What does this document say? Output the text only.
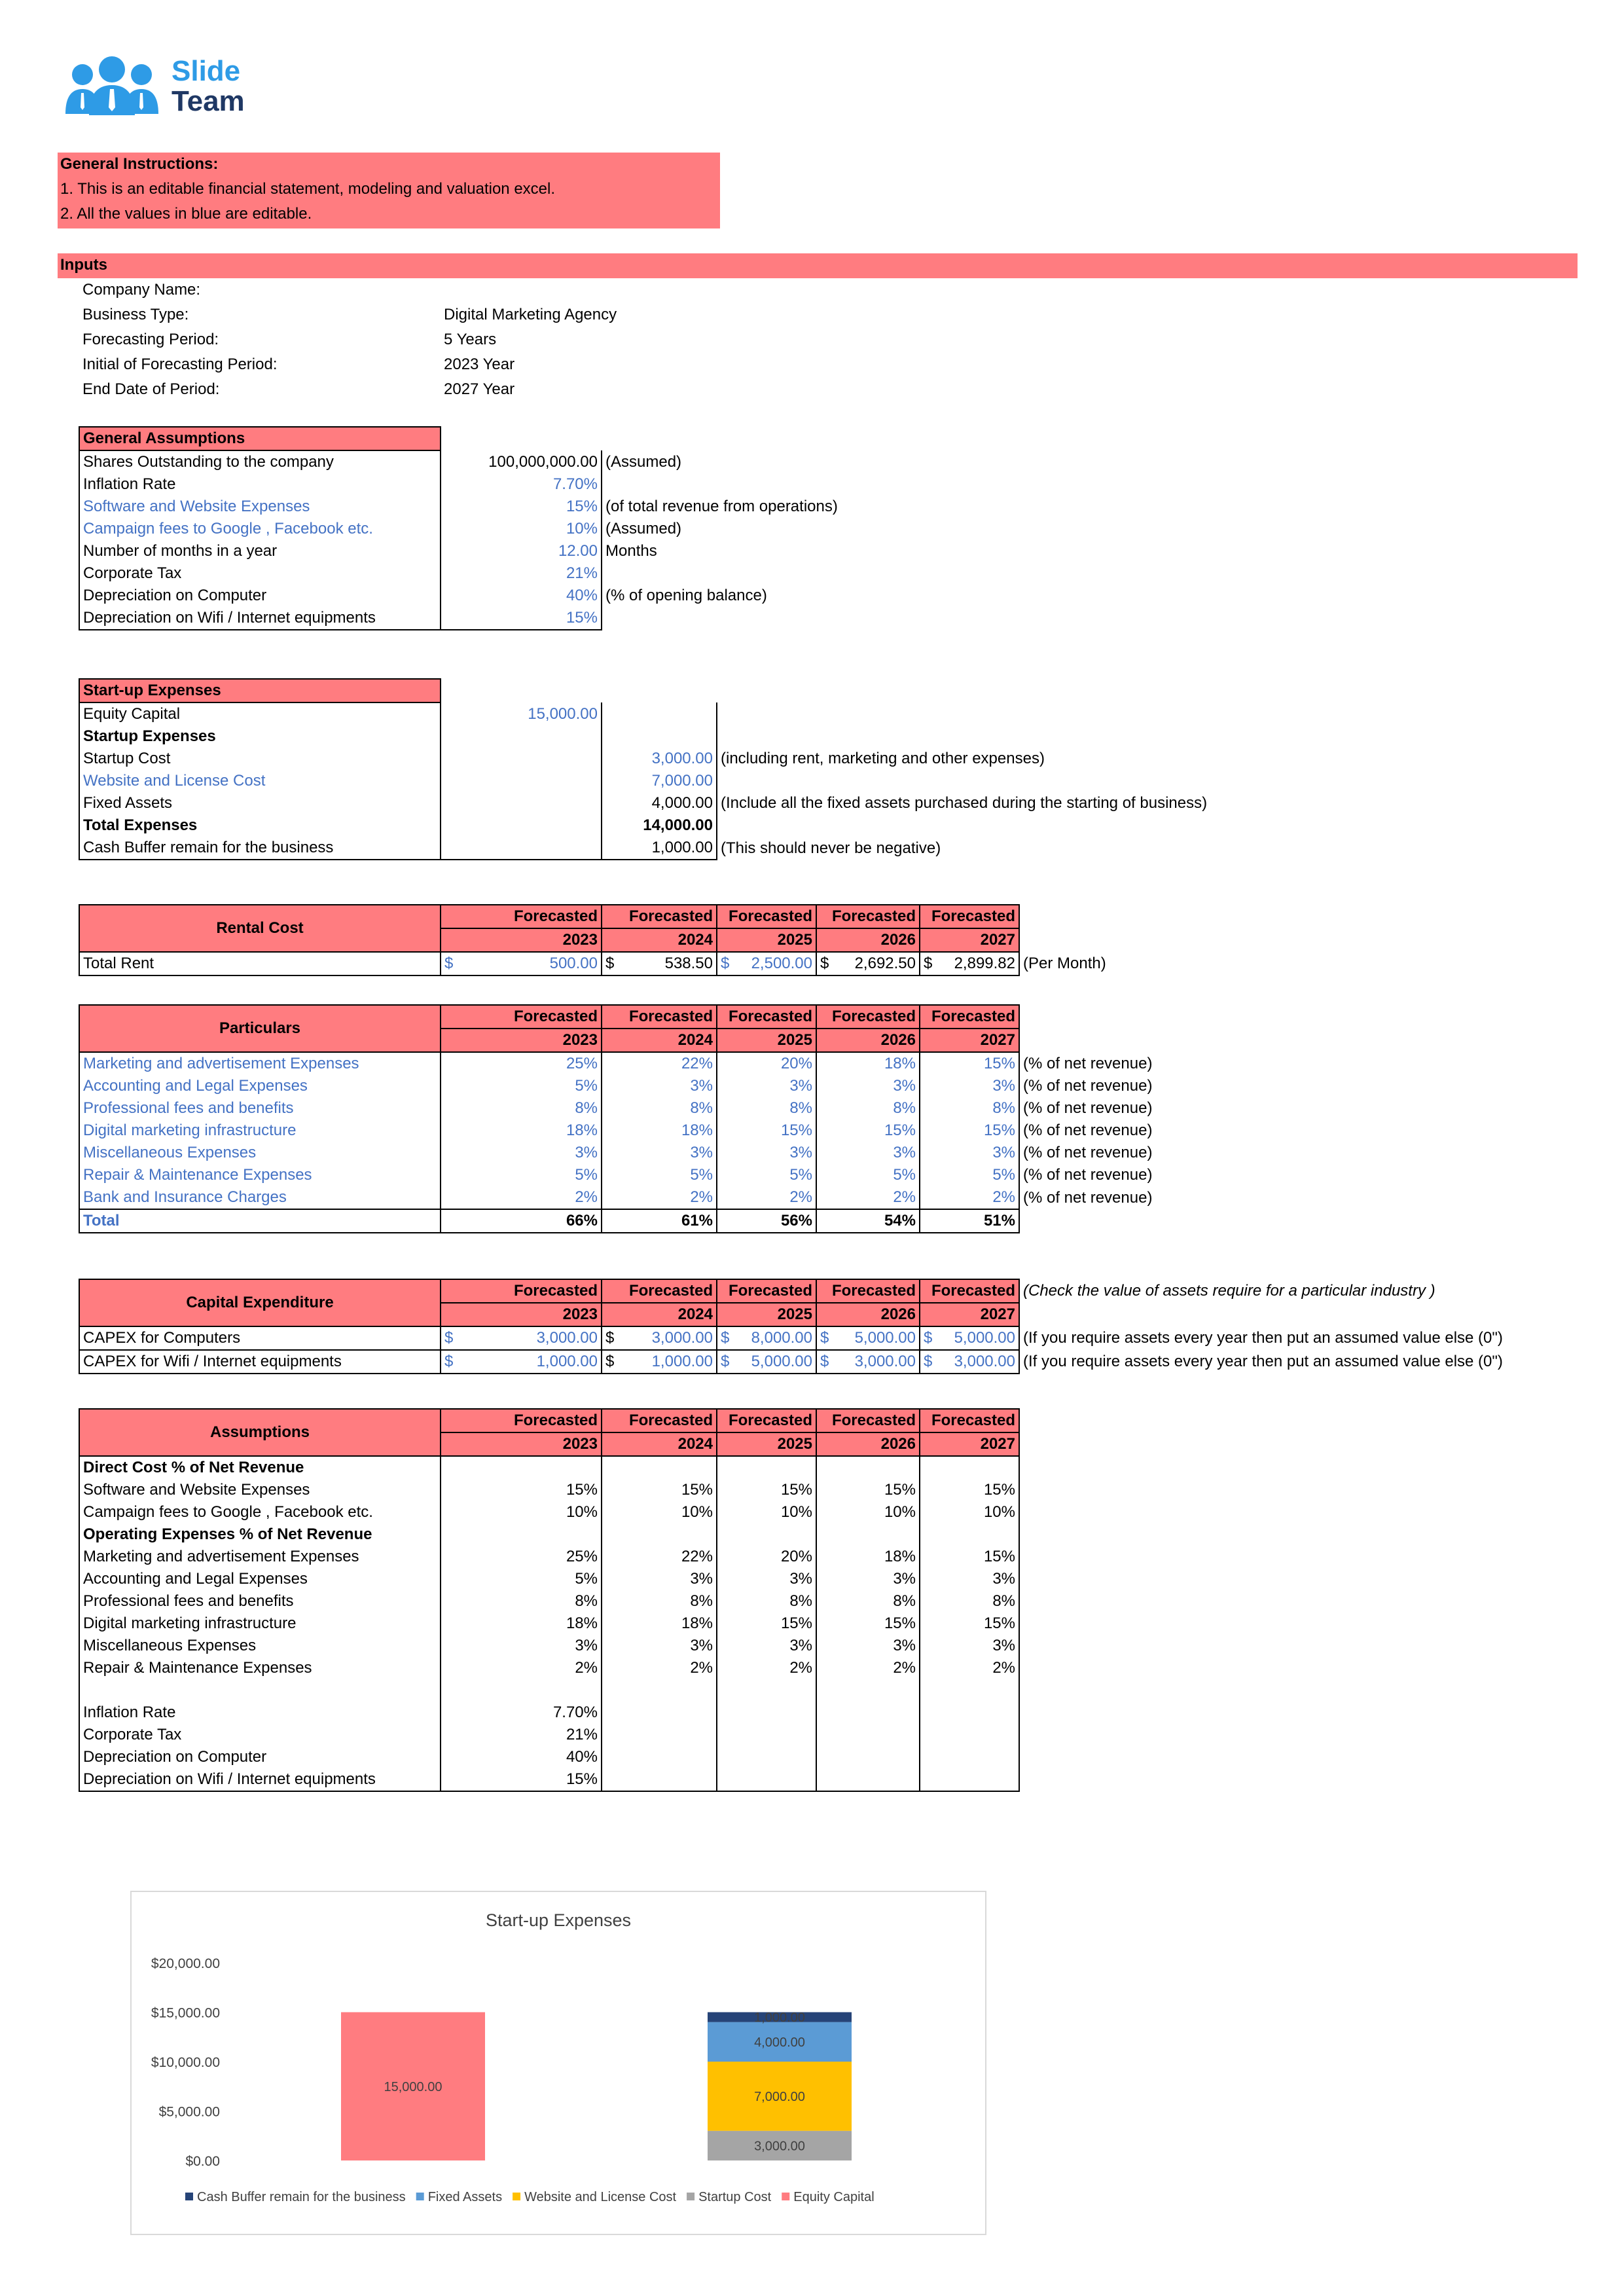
Slide
Team
General Instructions:
1. This is an editable financial statement, modeling and valuation excel.
2. All the values in blue are editable.
Inputs
Company Name:
Business Type:	Digital Marketing Agency
Forecasting Period:	5 Years
Initial of Forecasting Period:	2023 Year
End Date of Period:	2027 Year
General Assumptions		
Shares Outstanding to the company	100,000,000.00	(Assumed)
Inflation Rate	7.70%	
Software and Website Expenses	15%	(of total revenue from operations)
Campaign fees to Google , Facebook etc.	10%	(Assumed)
Number of months in a year	12.00	Months
Corporate Tax	21%	
Depreciation on Computer	40%	(% of opening balance)
Depreciation on Wifi / Internet equipments	15%	
Start-up Expenses			
Equity Capital	15,000.00		
Startup Expenses			
Startup Cost		3,000.00	(including rent, marketing and other expenses)
Website and License Cost		7,000.00	
Fixed Assets		4,000.00	(Include all the fixed assets purchased during the starting of business)
Total Expenses		14,000.00	
Cash Buffer remain for the business		1,000.00	(This should never be negative)
Rental Cost	Forecasted	Forecasted	Forecasted	Forecasted	Forecasted	
	2023	2024	2025	2026	2027	
Total Rent	$ 500.00	$ 538.50	$ 2,500.00	$ 2,692.50	$ 2,899.82	(Per Month)
Particulars	Forecasted	Forecasted	Forecasted	Forecasted	Forecasted	
	2023	2024	2025	2026	2027	
Marketing and advertisement Expenses	25%	22%	20%	18%	15%	(% of net revenue)
Accounting and Legal Expenses	5%	3%	3%	3%	3%	(% of net revenue)
Professional fees and benefits	8%	8%	8%	8%	8%	(% of net revenue)
Digital marketing infrastructure	18%	18%	15%	15%	15%	(% of net revenue)
Miscellaneous Expenses	3%	3%	3%	3%	3%	(% of net revenue)
Repair & Maintenance Expenses	5%	5%	5%	5%	5%	(% of net revenue)
Bank and Insurance Charges	2%	2%	2%	2%	2%	(% of net revenue)
Total	66%	61%	56%	54%	51%	
Capital Expenditure	Forecasted	Forecasted	Forecasted	Forecasted	Forecasted	(Check the value of assets require for a particular industry )
	2023	2024	2025	2026	2027	
CAPEX for Computers	$ 3,000.00	$ 3,000.00	$ 8,000.00	$ 5,000.00	$ 5,000.00	(If you require assets every year then put an assumed value else (0")
CAPEX for Wifi / Internet equipments	$ 1,000.00	$ 1,000.00	$ 5,000.00	$ 3,000.00	$ 3,000.00	(If you require assets every year then put an assumed value else (0")
Assumptions	Forecasted	Forecasted	Forecasted	Forecasted	Forecasted
	2023	2024	2025	2026	2027
Direct Cost % of Net Revenue					
Software and Website Expenses	15%	15%	15%	15%	15%
Campaign fees to Google , Facebook etc.	10%	10%	10%	10%	10%
Operating Expenses % of Net Revenue					
Marketing and advertisement Expenses	25%	22%	20%	18%	15%
Accounting and Legal Expenses	5%	3%	3%	3%	3%
Professional fees and benefits	8%	8%	8%	8%	8%
Digital marketing infrastructure	18%	18%	15%	15%	15%
Miscellaneous Expenses	3%	3%	3%	3%	3%
Repair & Maintenance Expenses	2%	2%	2%	2%	2%

Inflation Rate	7.70%				
Corporate Tax	21%				
Depreciation on Computer	40%				
Depreciation on Wifi / Internet equipments	15%				
Start-up Expenses
$0.00
$5,000.00
$10,000.00
$15,000.00
$20,000.00
15,000.00
3,000.00
7,000.00
4,000.00
1,000.00
Cash Buffer remain for the business Fixed Assets Website and License Cost Startup Cost Equity Capital
